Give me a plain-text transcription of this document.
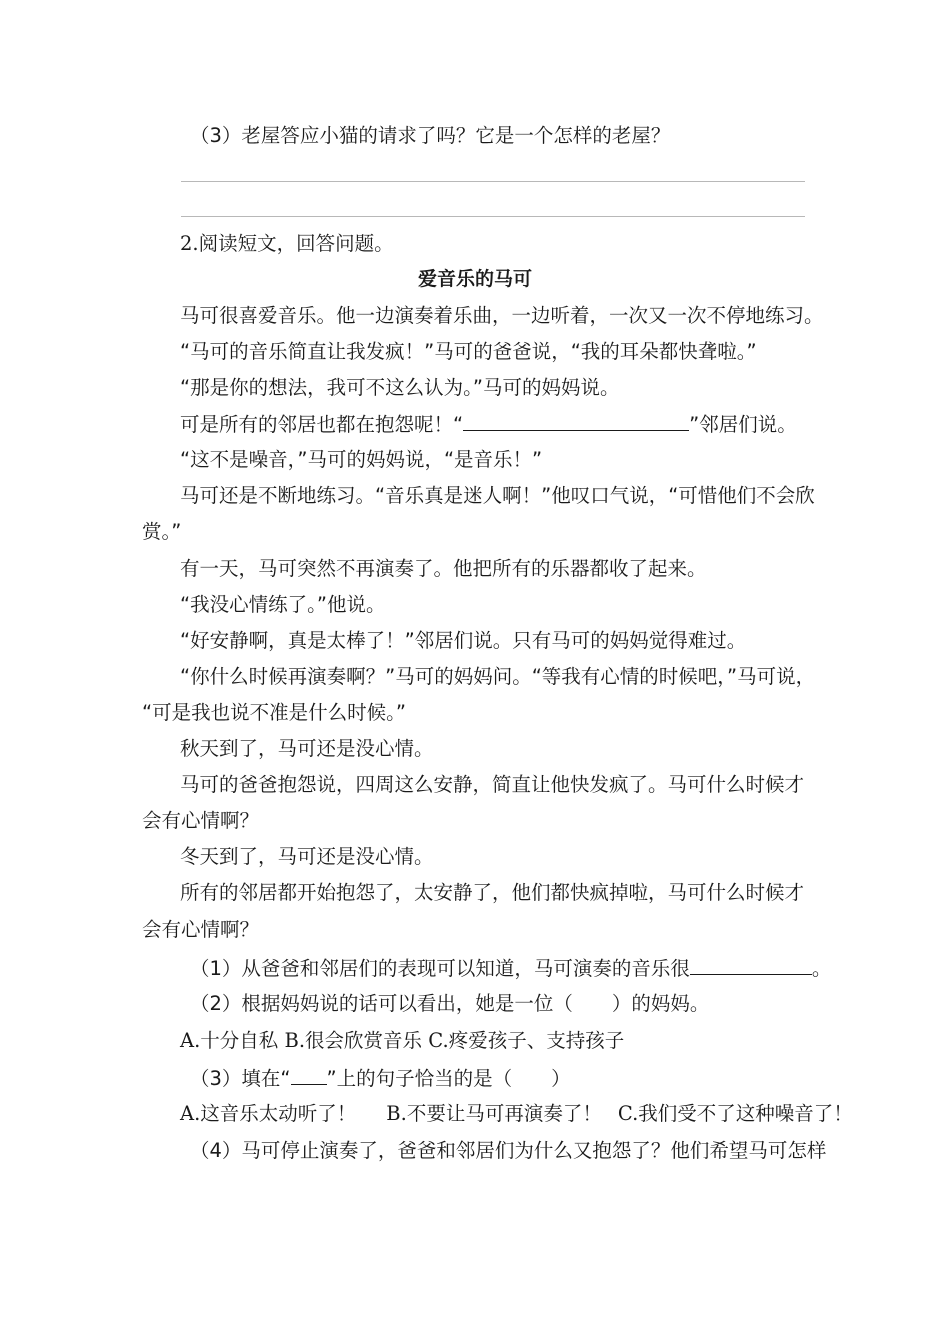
（3）老屋答应小猫的请求了吗？它是一个怎样的老屋？
2.阅读短文，回答问题。
爱音乐的马可
马可很喜爱音乐。他一边演奏着乐曲，一边听着，一次又一次不停地练习。
“马可的音乐简直让我发疯！”马可的爸爸说，“我的耳朵都快聋啦。”
“那是你的想法，我可不这么认为。”马可的妈妈说。
可是所有的邻居也都在抱怨呢！“	”邻居们说。
“这不是噪音，”马可的妈妈说，“是音乐！”
马可还是不断地练习。“音乐真是迷人啊！”他叹口气说，“可惜他们不会欣
赏。”
有一天，马可突然不再演奏了。他把所有的乐器都收了起来。
“我没心情练了。”他说。
“好安静啊，真是太棒了！”邻居们说。只有马可的妈妈觉得难过。
“你什么时候再演奏啊？”马可的妈妈问。“等我有心情的时候吧，”马可说，
“可是我也说不准是什么时候。”
秋天到了，马可还是没心情。
马可的爸爸抱怨说，四周这么安静，简直让他快发疯了。马可什么时候才
会有心情啊？
冬天到了，马可还是没心情。
所有的邻居都开始抱怨了，太安静了，他们都快疯掉啦，马可什么时候才
会有心情啊？
（1）从爸爸和邻居们的表现可以知道，马可演奏的音乐很	。
（2）根据妈妈说的话可以看出，她是一位（　　）的妈妈。
A.十分自私 B.很会欣赏音乐 C.疼爱孩子、支持孩子
（3）填在“ ”上的句子恰当的是（　　）
A.这音乐太动听了！ B.不要让马可再演奏了！ C.我们受不了这种噪音了！
（4）马可停止演奏了，爸爸和邻居们为什么又抱怨了？他们希望马可怎样
